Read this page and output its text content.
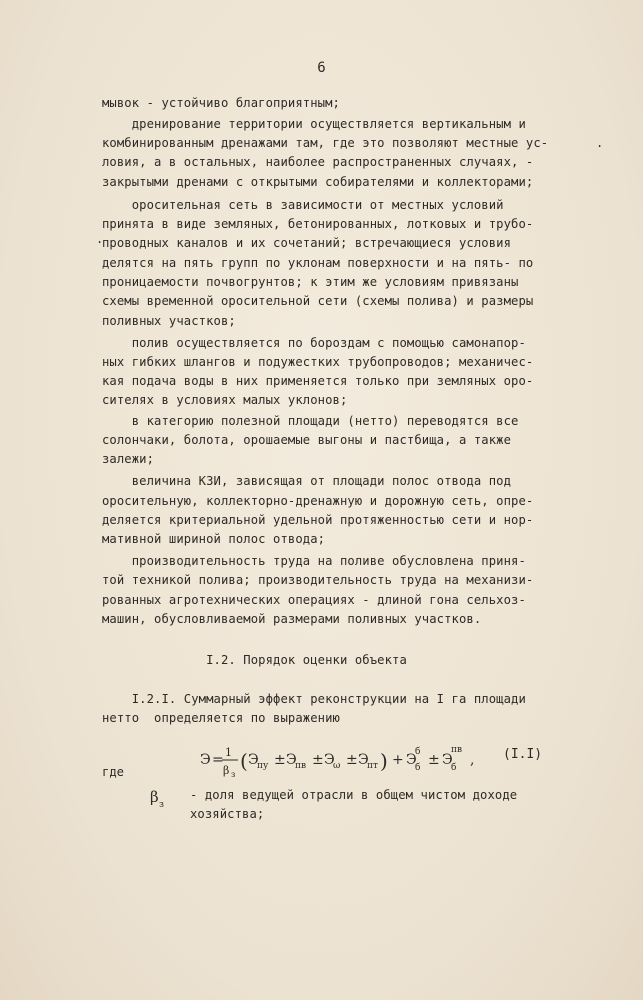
6
мывок - устойчиво благоприятным;
дренирование территории осуществляется вертикальным и
комбинированным дренажами там, где это позволяют местные ус-
ловия, а в остальных, наиболее распространенных случаях, -
закрытыми дренами с открытыми собирателями и коллекторами;
оросительная сеть в зависимости от местных условий
принята в виде земляных, бетонированных, лотковых и трубо-
проводных каналов и их сочетаний; встречающиеся условия
делятся на пять групп по уклонам поверхности и на пять- по
проницаемости почвогрунтов; к этим же условиям привязаны
схемы временной оросительной сети (схемы полива) и размеры
поливных участков;
полив осуществляется по бороздам с помощью самонапор-
ных гибких шлангов и подужестких трубопроводов; механичес-
кая подача воды в них применяется только при земляных оро-
сителях в условиях малых уклонов;
в категорию полезной площади (нетто) переводятся все
солончаки, болота, орошаемые выгоны и пастбища, а также
залежи;
величина КЗИ, зависящая от площади полос отвода под
оросительную, коллекторно-дренажную и дорожную сеть, опре-
деляется критериальной удельной протяженностью сети и нор-
мативной шириной полос отвода;
производительность труда на поливе обусловлена приня-
той техникой полива; производительность труда на механизи-
рованных агротехнических операциях - длиной гона сельхоз-
машин, обусловливаемой размерами поливных участков.
I.2. Порядок оценки объекта
I.2.I. Суммарный эффект реконструкции на I га площади
нетто  определяется по выражению
.
.
Э = 1
β з
( Э
пу ± Э
пв ± Э
ω ± Э
пт ) + Э
б
б ± Э
пв
б , (I.I)
где
β з
- доля ведущей отрасли в общем чистом доходе
хозяйства;
